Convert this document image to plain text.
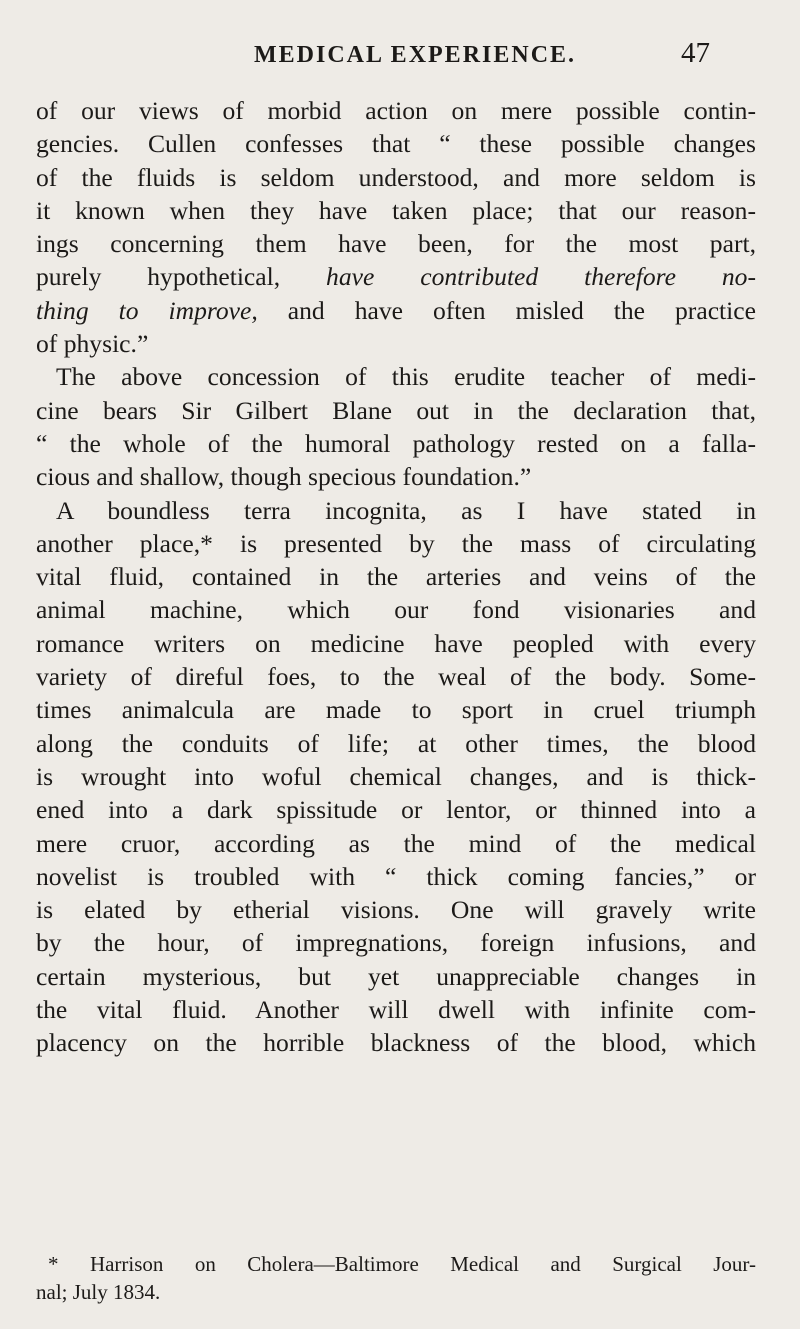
MEDICAL EXPERIENCE.	47
of our views of morbid action on mere possible contin-
gencies. Cullen confesses that “ these possible changes
of the fluids is seldom understood, and more seldom is
it known when they have taken place; that our reason-
ings concerning them have been, for the most part,
purely hypothetical, have contributed therefore no-
thing to improve, and have often misled the practice
of physic.”
The above concession of this erudite teacher of medi-
cine bears Sir Gilbert Blane out in the declaration that,
“ the whole of the humoral pathology rested on a falla-
cious and shallow, though specious foundation.”
A boundless terra incognita, as I have stated in
another place,* is presented by the mass of circulating
vital fluid, contained in the arteries and veins of the
animal machine, which our fond visionaries and
romance writers on medicine have peopled with every
variety of direful foes, to the weal of the body. Some-
times animalcula are made to sport in cruel triumph
along the conduits of life; at other times, the blood
is wrought into woful chemical changes, and is thick-
ened into a dark spissitude or lentor, or thinned into a
mere cruor, according as the mind of the medical
novelist is troubled with “ thick coming fancies,” or
is elated by etherial visions. One will gravely write
by the hour, of impregnations, foreign infusions, and
certain mysterious, but yet unappreciable changes in
the vital fluid. Another will dwell with infinite com-
placency on the horrible blackness of the blood, which
* Harrison on Cholera—Baltimore Medical and Surgical Jour-
nal; July 1834.
